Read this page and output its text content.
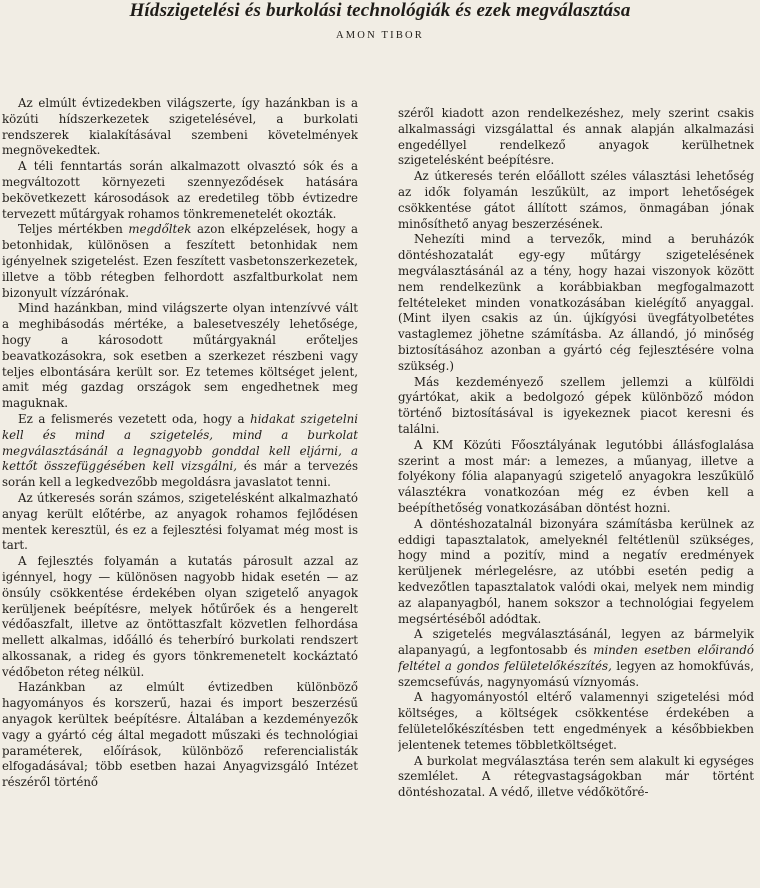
Hídszigetelési és burkolási technológiák és ezek megválasztása
AMON TIBOR

Az elmúlt évtizedekben világszerte, így hazánkban is a közúti hídszerkezetek szigetelésével, a burkolati rendszerek kialakításával szembeni követelmények megnövekedtek.

A téli fenntartás során alkalmazott olvasztó sók és a megváltozott környezeti szennyeződések hatására bekövetkezett károsodások az eredetileg több évtizedre tervezett műtárgyak rohamos tönkremenetelét okozták.

Teljes mértékben megdőltek azon elképzelések, hogy a betonhidak, különösen a feszített betonhidak nem igényelnek szigetelést. Ezen feszített vasbetonszerkezetek, illetve a több rétegben felhordott aszfaltburkolat nem bizonyult vízzárónak.

Mind hazánkban, mind világszerte olyan intenzívvé vált a meghibásodás mértéke, a balesetveszély lehetősége, hogy a károsodott műtárgyaknál erőteljes beavatkozásokra, sok esetben a szerkezet részbeni vagy teljes elbontására került sor. Ez tetemes költséget jelent, amit még gazdag országok sem engedhetnek meg maguknak.

Ez a felismerés vezetett oda, hogy a hidakat szigetelni kell és mind a szigetelés, mind a burkolat megválasztásánál a legnagyobb gonddal kell eljárni, a kettőt összefüggésében kell vizsgálni, és már a tervezés során kell a legkedvezőbb megoldásra javaslatot tenni.

Az útkeresés során számos, szigetelésként alkalmazható anyag került előtérbe, az anyagok rohamos fejlődésen mentek keresztül, és ez a fejlesztési folyamat még most is tart.

A fejlesztés folyamán a kutatás párosult azzal az igénnyel, hogy — különösen nagyobb hidak esetén — az önsúly csökkentése érdekében olyan szigetelő anyagok kerüljenek beépítésre, melyek hőtűrőek és a hengerelt védőaszfalt, illetve az öntöttaszfalt közvetlen felhordása mellett alkalmas, időálló és teherbíró burkolati rendszert alkossanak, a rideg és gyors tönkremenetelt kockáztató védőbeton réteg nélkül.

Hazánkban az elmúlt évtizedben különböző hagyományos és korszerű, hazai és import beszerzésű anyagok kerültek beépítésre. Általában a kezdeményezők vagy a gyártó cég által megadott műszaki és technológiai paraméterek, előírások, különböző referencialisták elfogadásával; több esetben hazai Anyagvizsgáló Intézet részéről történő

széről kiadott azon rendelkezéshez, mely szerint csakis alkalmassági vizsgálattal és annak alapján alkalmazási engedéllyel rendelkező anyagok kerülhetnek szigetelésként beépítésre.

Az útkeresés terén előállott széles választási lehetőség az idők folyamán leszűkült, az import lehetőségek csökkentése gátot állított számos, önmagában jónak minősíthető anyag beszerzésének.

Nehezíti mind a tervezők, mind a beruházók döntéshozatalát egy-egy műtárgy szigetelésének megválasztásánál az a tény, hogy hazai viszonyok között nem rendelkezünk a korábbiakban megfogalmazott feltételeket minden vonatkozásában kielégítő anyaggal. (Mint ilyen csakis az ún. újkígyósi üvegfátyolbetétes vastaglemez jöhetne számításba. Az állandó, jó minőség biztosításához azonban a gyártó cég fejlesztésére volna szükség.)

Más kezdeményező szellem jellemzi a külföldi gyártókat, akik a bedolgozó gépek különböző módon történő biztosításával is igyekeznek piacot keresni és találni.

A KM Közúti Főosztályának legutóbbi állásfoglalása szerint a most már: a lemezes, a műanyag, illetve a folyékony fólia alapanyagú szigetelő anyagokra leszűkülő választékra vonatkozóan még ez évben kell a beépíthetőség vonatkozásában döntést hozni.

A döntéshozatalnál bizonyára számításba kerülnek az eddigi tapasztalatok, amelyeknél feltétlenül szükséges, hogy mind a pozitív, mind a negatív eredmények kerüljenek mérlegelésre, az utóbbi esetén pedig a kedvezőtlen tapasztalatok valódi okai, melyek nem mindig az alapanyagból, hanem sokszor a technológiai fegyelem megsértéséből adódtak.

A szigetelés megválasztásánál, legyen az bármelyik alapanyagú, a legfontosabb és minden esetben előirandó feltétel a gondos felületelőkészítés, legyen az homokfúvás, szemcsefúvás, nagynyomású víznyomás.

A hagyományostól eltérő valamennyi szigetelési mód költséges, a költségek csökkentése érdekében a felületelőkészítésben tett engedmények a későbbiekben jelentenek tetemes többletköltséget.

A burkolat megválasztása terén sem alakult ki egységes szemlélet. A rétegvastagságokban már történt döntéshozatal. A védő, illetve védőkötőré-
